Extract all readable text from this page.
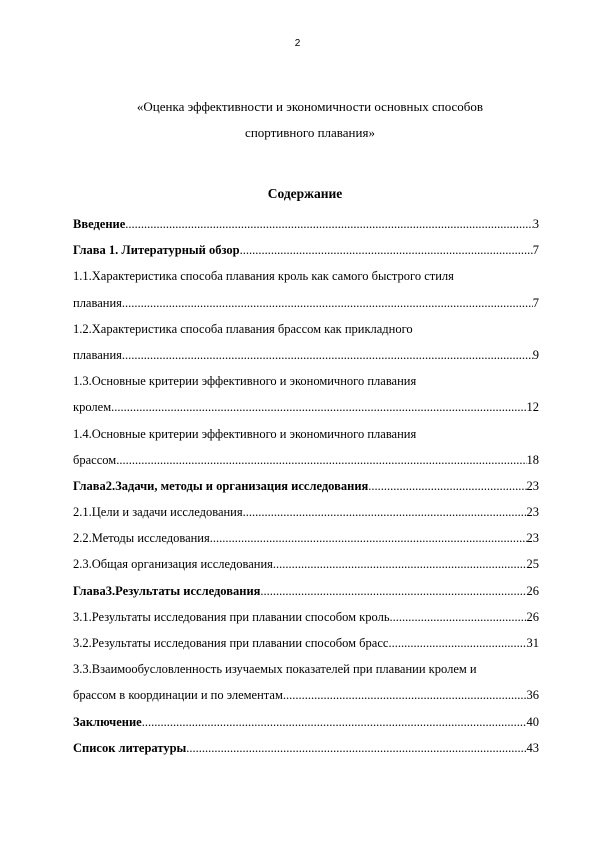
2
«Оценка эффективности и экономичности основных способов
спортивного плавания»
Содержание
Введение .....	3
Глава 1. Литературный обзор .....	7
1.1.Характеристика способа плавания кроль как самого быстрого стиля
плавания .....	7
1.2.Характеристика способа плавания брассом как прикладного
плавания .....	9
1.3.Основные критерии эффективного и экономичного плавания
кролем .....	12
1.4.Основные критерии эффективного и экономичного плавания
брассом .....	18
Глава2.Задачи, методы и организация исследования .....	23
2.1.Цели и задачи исследования .....	23
2.2.Методы исследования .....	23
2.3.Общая организация исследования .....	25
Глава3.Результаты исследования .....	26
3.1.Результаты исследования при плавании способом кроль .....	26
3.2.Результаты исследования при плавании способом брасс .....	31
3.3.Взаимообусловленность изучаемых показателей при плавании кролем и
брассом в координации и по элементам .....	36
Заключение .....	40
Список литературы .....	43
